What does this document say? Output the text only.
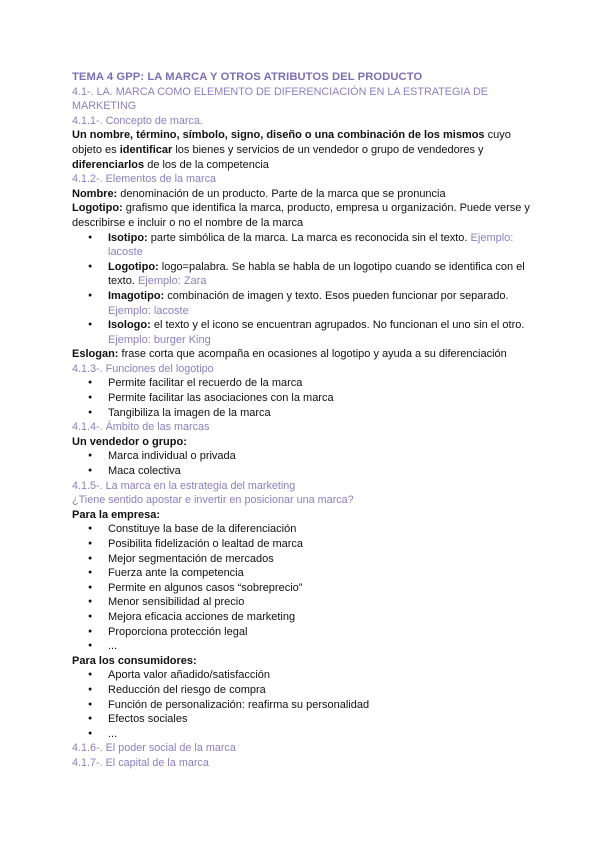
TEMA 4 GPP: LA MARCA Y OTROS ATRIBUTOS DEL PRODUCTO
4.1-. LA. MARCA COMO ELEMENTO DE DIFERENCIACIÓN EN LA ESTRATEGIA DE MARKETING
4.1.1-. Concepto de marca.

Un nombre, término, símbolo, signo, diseño o una combinación de los mismos cuyo objeto es identificar los bienes y servicios de un vendedor o grupo de vendedores y diferenciarlos de los de la competencia

4.1.2-. Elementos de la marca

Nombre: denominación de un producto. Parte de la marca que se pronuncia

Logotipo: grafismo que identifica la marca, producto, empresa u organización. Puede verse y describirse e incluir o no el nombre de la marca

● Isotipo: parte simbólica de la marca. La marca es reconocida sin el texto. Ejemplo: lacoste
● Logotipo: logo=palabra. Se habla se habla de un logotipo cuando se identifica con el texto. Ejemplo: Zara
● Imagotipo: combinación de imagen y texto. Esos pueden funcionar por separado. Ejemplo: lacoste
● Isologo: el texto y el icono se encuentran agrupados. No funcionan el uno sin el otro. Ejemplo: burger King

Eslogan: frase corta que acompaña en ocasiones al logotipo y ayuda a su diferenciación

4.1.3-. Funciones del logotipo
● Permite facilitar el recuerdo de la marca
● Permite facilitar las asociaciones con la marca
● Tangibiliza la imagen de la marca
4.1.4-. Ámbito de las marcas

Un vendedor o grupo:

● Marca individual o privada
● Maca colectiva
4.1.5-. La marca en la estrategia del marketing
¿Tiene sentido apostar e invertir en posicionar una marca?

Para la empresa:

● Constituye la base de la diferenciación
● Posibilita fidelización o lealtad de marca
● Mejor segmentación de mercados
● Fuerza ante la competencia
● Permite en algunos casos “sobreprecio”
● Menor sensibilidad al precio
● Mejora eficacia acciones de marketing
● Proporciona protección legal
● ...

Para los consumidores:

● Aporta valor añadido/satisfacción
● Reducción del riesgo de compra
● Función de personalización: reafirma su personalidad
● Efectos sociales
● ...
4.1.6-. El poder social de la marca
4.1.7-. El capital de la marca
